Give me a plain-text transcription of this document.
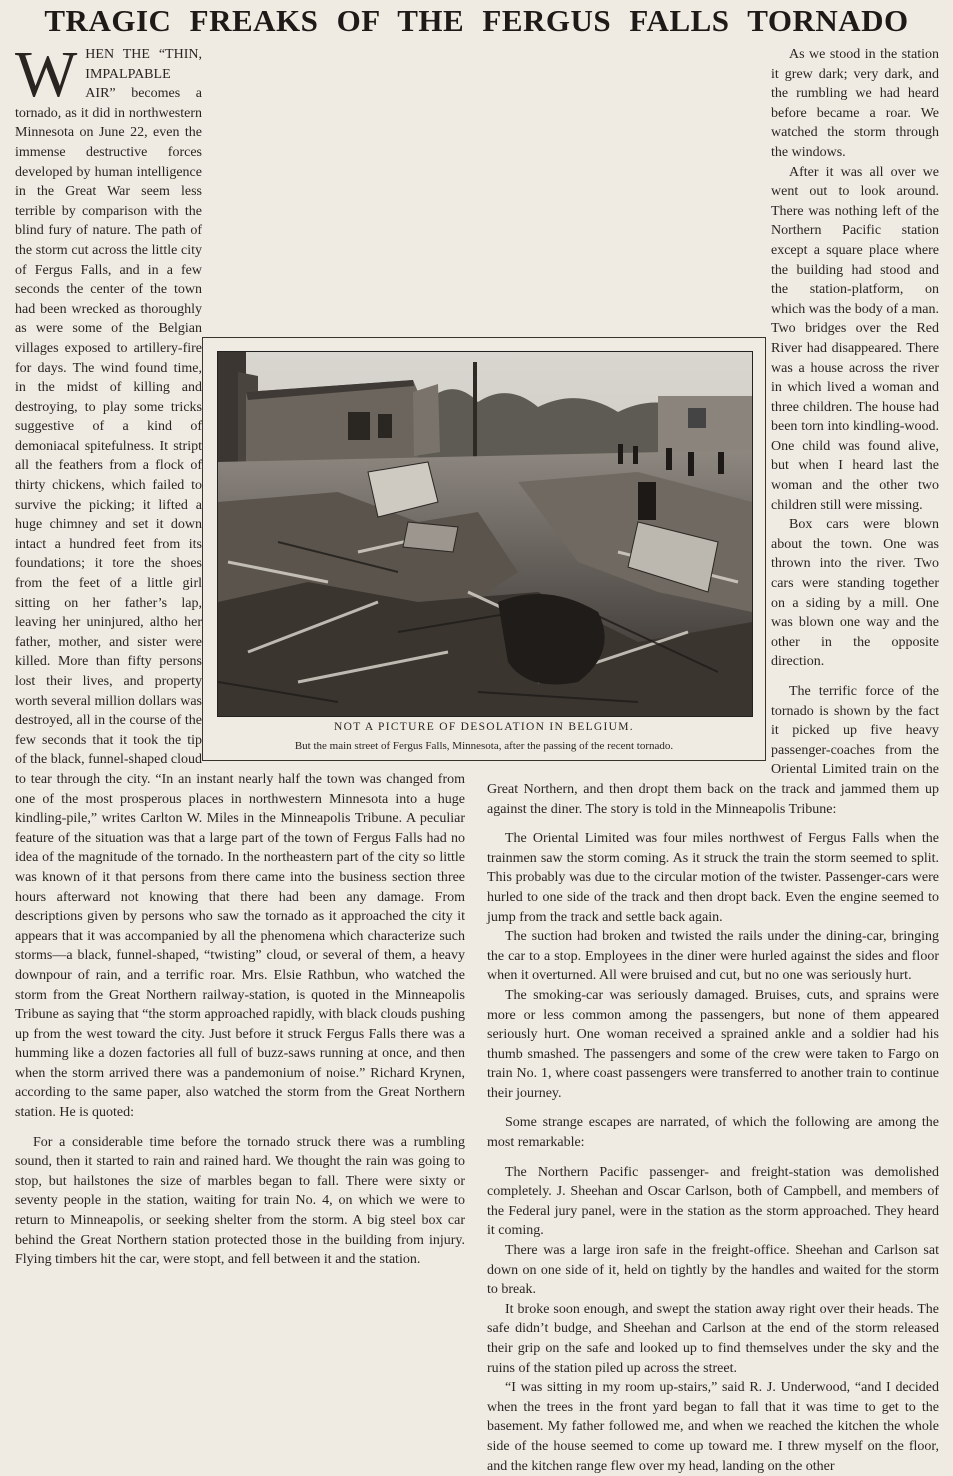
TRAGIC FREAKS OF THE FERGUS FALLS TORNADO

WHEN THE “THIN, IMPALPABLE AIR” becomes a tornado, as it did in northwestern Minnesota on June 22, even the immense destructive forces developed by human intelligence in the Great War seem less terrible by comparison with the blind fury of nature. The path of the storm cut across the little city of Fergus Falls, and in a few seconds the center of the town had been wrecked as thoroughly as were some of the Belgian villages exposed to artillery-fire for days. The wind found time, in the midst of killing and destroying, to play some tricks suggestive of a kind of demoniacal spitefulness. It stript all the feathers from a flock of thirty chickens, which failed to survive the picking; it lifted a huge chimney and set it down intact a hundred feet from its foundations; it tore the shoes from the feet of a little girl sitting on her father’s lap, leaving her uninjured, altho her father, mother, and sister were killed. More than fifty persons lost their lives, and property worth several million dollars was destroyed, all in the course of the few seconds that it took the tip of the black, funnel-shaped cloud to tear through the city. “In an instant nearly half the town was changed from one of the most prosperous places in northwestern Minnesota into a huge kindling-pile,” writes Carlton W. Miles in the Minneapolis Tribune. A peculiar feature of the situation was that a large part of the town of Fergus Falls had no idea of the magnitude of the tornado. In the northeastern part of the city so little was known of it that persons from there came into the business section three hours afterward not knowing that there had been any damage. From descriptions given by persons who saw the tornado as it approached the city it appears that it was accompanied by all the phenomena which characterize such storms—a black, funnel-shaped, “twisting” cloud, or several of them, a heavy downpour of rain, and a terrific roar. Mrs. Elsie Rathbun, who watched the storm from the Great Northern railway-station, is quoted in the Minneapolis Tribune as saying that “the storm approached rapidly, with black clouds pushing up from the west toward the city. Just before it struck Fergus Falls there was a humming like a dozen factories all full of buzz-saws running at once, and then when the storm arrived there was a pandemonium of noise.” Richard Krynen, according to the same paper, also watched the storm from the Great Northern station. He is quoted:

For a considerable time before the tornado struck there was a rumbling sound, then it started to rain and rained hard. We thought the rain was going to stop, but hailstones the size of marbles began to fall. There were sixty or seventy people in the station, waiting for train No. 4, on which we were to return to Minneapolis, or seeking shelter from the storm. A big steel box car behind the Great Northern station protected those in the building from injury. Flying timbers hit the car, were stopt, and fell between it and the station.

As we stood in the station it grew dark; very dark, and the rumbling we had heard before became a roar. We watched the storm through the windows.

After it was all over we went out to look around. There was nothing left of the Northern Pacific station except a square place where the building had stood and the station-platform, on which was the body of a man. Two bridges over the Red River had disappeared. There was a house across the river in which lived a woman and three children. The house had been torn into kindling-wood. One child was found alive, but when I heard last the woman and the other two children still were missing.

Box cars were blown about the town. One was thrown into the river. Two cars were standing together on a siding by a mill. One was blown one way and the other in the opposite direction.

The terrific force of the tornado is shown by the fact it picked up five heavy passenger-coaches from the Oriental Limited train on the Great Northern, and then dropt them back on the track and jammed them up against the diner. The story is told in the Minneapolis Tribune:

The Oriental Limited was four miles northwest of Fergus Falls when the trainmen saw the storm coming. As it struck the train the storm seemed to split. This probably was due to the circular motion of the twister. Passenger-cars were hurled to one side of the track and then dropt back. Even the engine seemed to jump from the track and settle back again.

The suction had broken and twisted the rails under the dining-car, bringing the car to a stop. Employees in the diner were hurled against the sides and floor when it overturned. All were bruised and cut, but no one was seriously hurt.

The smoking-car was seriously damaged. Bruises, cuts, and sprains were more or less common among the passengers, but none of them appeared seriously hurt. One woman received a sprained ankle and a soldier had his thumb smashed. The passengers and some of the crew were taken to Fargo on train No. 1, where coast passengers were transferred to another train to continue their journey.

Some strange escapes are narrated, of which the following are among the most remarkable:

The Northern Pacific passenger- and freight-station was demolished completely. J. Sheehan and Oscar Carlson, both of Campbell, and members of the Federal jury panel, were in the station as the storm approached. They heard it coming.

There was a large iron safe in the freight-office. Sheehan and Carlson sat down on one side of it, held on tightly by the handles and waited for the storm to break.

It broke soon enough, and swept the station away right over their heads. The safe didn’t budge, and Sheehan and Carlson at the end of the storm released their grip on the safe and looked up to find themselves under the sky and the ruins of the station piled up across the street.

“I was sitting in my room up-stairs,” said R. J. Underwood, “and I decided when the trees in the front yard began to fall that it was time to get to the basement. My father followed me, and when we reached the kitchen the whole side of the house seemed to come up toward me. I threw myself on the floor, and the kitchen range flew over my head, landing on the other

NOT A PICTURE OF DESOLATION IN BELGIUM.
But the main street of Fergus Falls, Minnesota, after the passing of the recent tornado.
